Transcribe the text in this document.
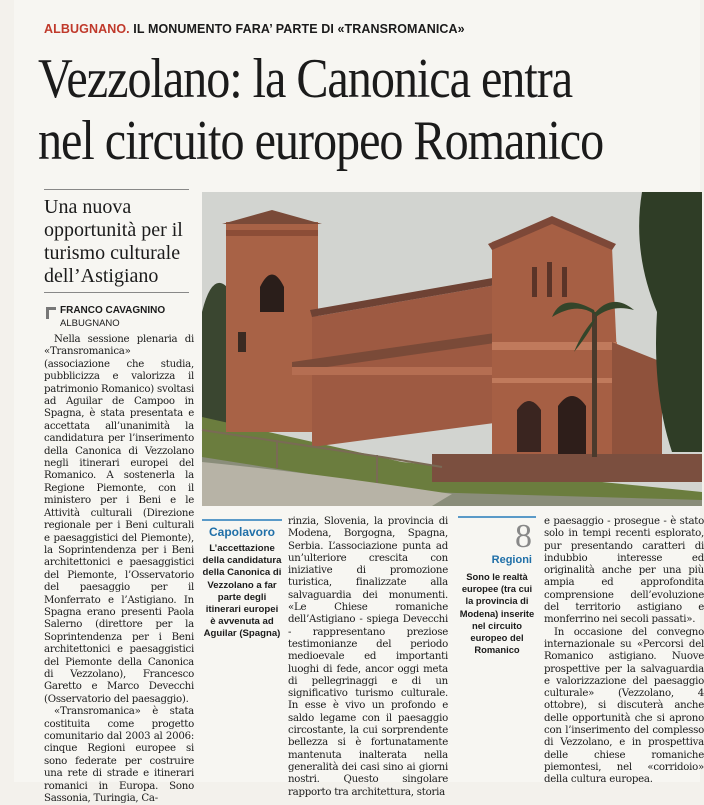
ALBUGNANO. IL MONUMENTO FARA’ PARTE DI «TRANSROMANICA»
Vezzolano: la Canonica entra
nel circuito europeo Romanico
Una nuova opportunità per il turismo culturale dell’Astigiano
FRANCO CAVAGNINO
ALBUGNANO

Nella sessione plenaria di «Transromanica» (associazione che studia, pubblicizza e valorizza il patrimonio Romanico) svoltasi ad Aguilar de Campoo in Spagna, è stata presentata e accettata all’unanimità la candidatura per l’inserimento della Canonica di Vezzolano negli itinerari europei del Romanico. A sostenerla la Regione Piemonte, con il ministero per i Beni e le Attività culturali (Direzione regionale per i Beni culturali e paesaggistici del Piemonte), la Soprintendenza per i Beni architettonici e paesaggistici del Piemonte, l’Osservatorio del paesaggio per il Monferrato e l’Astigiano. In Spagna erano presenti Paola Salerno (direttore per la Soprintendenza per i Beni architettonici e paesaggistici del Piemonte della Canonica di Vezzolano), Francesco Garetto e Marco Devecchi (Osservatorio del paesaggio).

«Transromanica» è stata costituita come progetto comunitario dal 2003 al 2006: cinque Regioni europee si sono federate per costruire una rete di strade e itinerari romanici in Europa. Sono Sassonia, Turingia, Ca-

Capolavoro
L’accettazione della candidatura della Canonica di Vezzolano a far parte degli itinerari europei è avvenuta ad Aguilar (Spagna)
rinzia, Slovenia, la provincia di Modena, Borgogna, Spagna, Serbia. L’associazione punta ad un’ulteriore crescita con iniziative di promozione turistica, finalizzate alla salvaguardia dei monumenti. «Le Chiese romaniche dell’Astigiano - spiega Devecchi - rappresentano preziose testimonianze del periodo medioevale ed importanti luoghi di fede, ancor oggi meta di pellegrinaggi e di un significativo turismo culturale. In esse è vivo un profondo e saldo legame con il paesaggio circostante, la cui sorprendente bellezza si è fortunatamente mantenuta inalterata nella generalità dei casi sino ai giorni nostri. Questo singolare rapporto tra architettura, storia
8
Regioni
Sono le realtà europee (tra cui la provincia di Modena) inserite nel circuito europeo del Romanico

e paesaggio - prosegue - è stato solo in tempi recenti esplorato, pur presentando caratteri di indubbio interesse ed originalità anche per una più ampia ed approfondita comprensione dell’evoluzione del territorio astigiano e monferrino nei secoli passati».

In occasione del convegno internazionale su «Percorsi del Romanico astigiano. Nuove prospettive per la salvaguardia e valorizzazione del paesaggio culturale» (Vezzolano, 4 ottobre), si discuterà anche delle opportunità che si aprono con l’inserimento del complesso di Vezzolano, e in prospettiva delle chiese romaniche piemontesi, nel «corridoio» della cultura europea.
